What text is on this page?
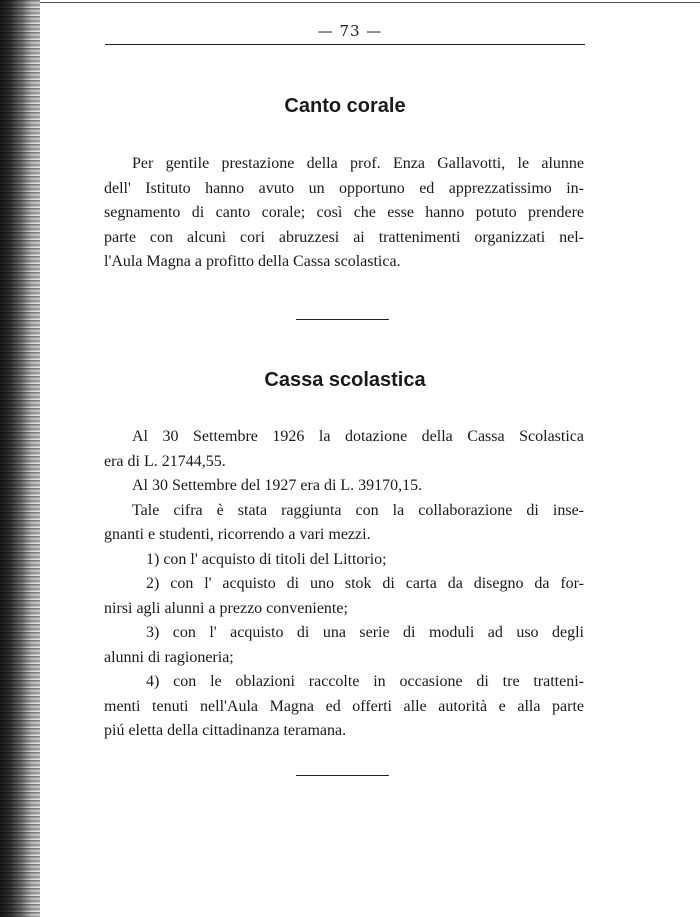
— 73 —
Canto corale
Per gentile prestazione della prof. Enza Gallavotti, le alunne
dell' Istituto hanno avuto un opportuno ed apprezzatissimo in-
segnamento di canto corale; così che esse hanno potuto prendere
parte con alcuni cori abruzzesi ai trattenimenti organizzati nel-
l'Aula Magna a profitto della Cassa scolastica.
Cassa scolastica
Al 30 Settembre 1926 la dotazione della Cassa Scolastica
era di L. 21744,55.
Al 30 Settembre del 1927 era di L. 39170,15.
Tale cifra è stata raggiunta con la collaborazione di inse-
gnanti e studenti, ricorrendo a vari mezzi.
1) con l' acquisto di titoli del Littorio;
2) con l' acquisto di uno stok di carta da disegno da for-
nirsi agli alunni a prezzo conveniente;
3) con l' acquisto di una serie di moduli ad uso degli
alunni di ragioneria;
4) con le oblazioni raccolte in occasione di tre tratteni-
menti tenuti nell'Aula Magna ed offerti alle autorità e alla parte
piú eletta della cittadinanza teramana.
